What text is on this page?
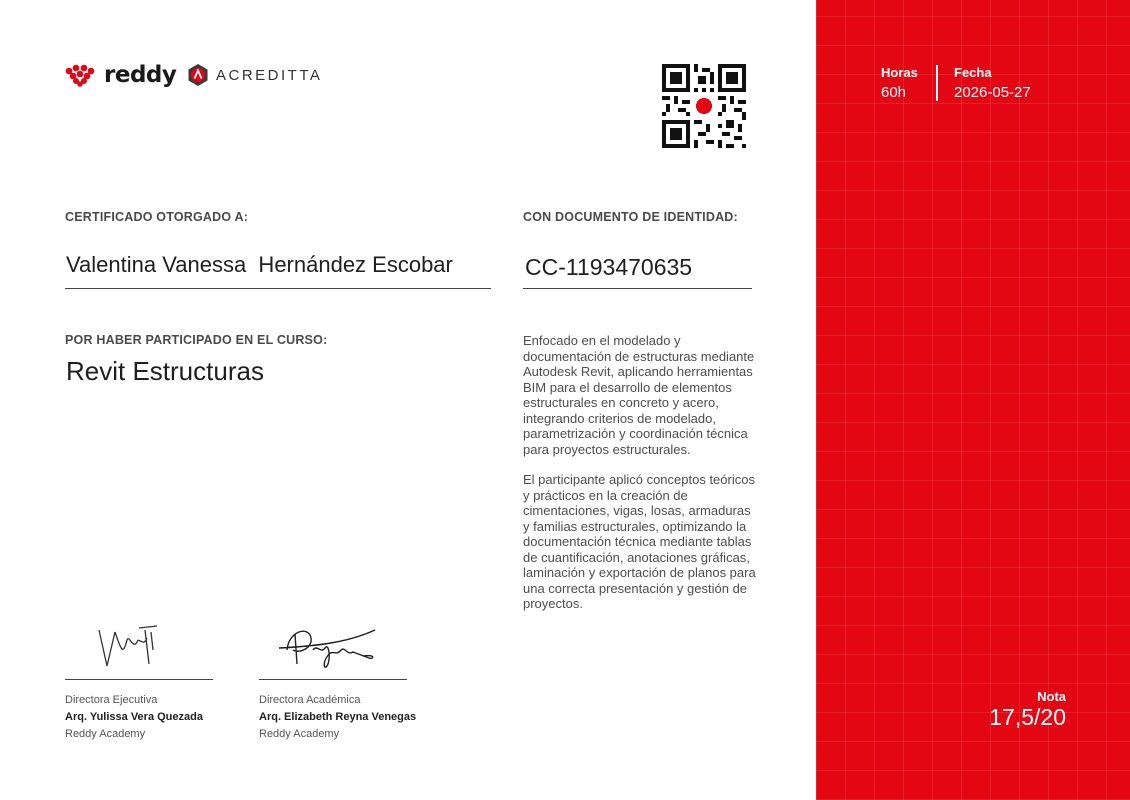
reddy	ACREDITTA
CERTIFICADO OTORGADO A:	CON DOCUMENTO DE IDENTIDAD:
Valentina Vanessa  Hernández Escobar	CC-1193470635
POR HABER PARTICIPADO EN EL CURSO:
Revit Estructuras

Enfocado en el modelado y documentación de estructuras mediante Autodesk Revit, aplicando herramientas BIM para el desarrollo de elementos estructurales en concreto y acero, integrando criterios de modelado, parametrización y coordinación técnica para proyectos estructurales.

El participante aplicó conceptos teóricos y prácticos en la creación de cimentaciones, vigas, losas, armaduras y familias estructurales, optimizando la documentación técnica mediante tablas de cuantificación, anotaciones gráficas, laminación y exportación de planos para una correcta presentación y gestión de proyectos.

Directora Ejecutiva
Arq. Yulissa Vera Quezada
Reddy Academy
Directora Académica
Arq. Elizabeth Reyna Venegas
Reddy Academy
Horas
60h
Fecha
2026-05-27
Nota
17,5/20
